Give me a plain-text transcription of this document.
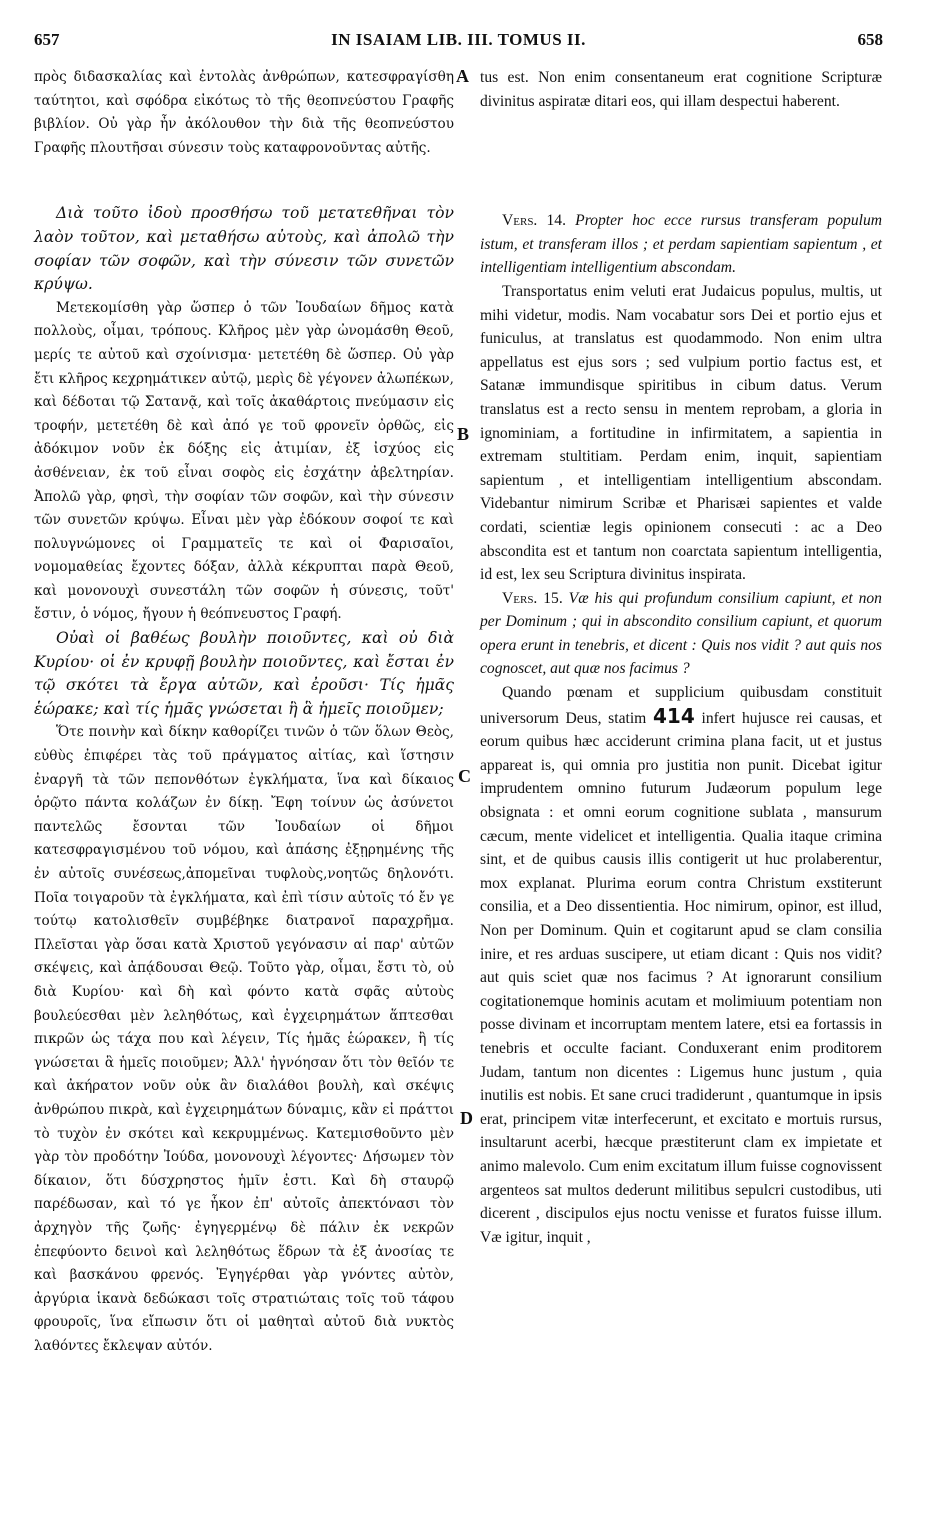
657	IN ISAIAM LIB. III. TOMUS II.	658
A
B
C
D

πρὸς διδασκαλίας καὶ ἐντολὰς ἀνθρώπων, κατεσφραγίσθη ταύτητοι, καὶ σφόδρα εἰκότως τὸ τῆς θεοπνεύστου Γραφῆς βιβλίον. Οὐ γὰρ ἦν ἀκόλουθον τὴν διὰ τῆς θεοπνεύστου Γραφῆς πλουτῆσαι σύνεσιν τοὺς καταφρονοῦντας αὐτῆς.

Διὰ τοῦτο ἰδοὺ προσθήσω τοῦ μετατεθῆναι τὸν λαὸν τοῦτον, καὶ μεταθήσω αὐτοὺς, καὶ ἀπολῶ τὴν σοφίαν τῶν σοφῶν, καὶ τὴν σύνεσιν τῶν συνετῶν κρύψω.

Μετεκομίσθη γὰρ ὥσπερ ὁ τῶν Ἰουδαίων δῆμος κατὰ πολλοὺς, οἶμαι, τρόπους. Κλῆρος μὲν γὰρ ὠνομάσθη Θεοῦ, μερίς τε αὐτοῦ καὶ σχοίνισμα· μετετέθη δὲ ὥσπερ. Οὐ γὰρ ἔτι κλῆρος κεχρημάτικεν αὐτῷ, μερὶς δὲ γέγονεν ἀλωπέκων, καὶ δέδοται τῷ Σατανᾷ, καὶ τοῖς ἀκαθάρτοις πνεύμασιν εἰς τροφήν, μετετέθη δὲ καὶ ἀπό γε τοῦ φρονεῖν ὀρθῶς, εἰς ἀδόκιμον νοῦν ἐκ δόξης εἰς ἀτιμίαν, ἐξ ἰσχύος εἰς ἀσθένειαν, ἐκ τοῦ εἶναι σοφὸς εἰς ἐσχάτην ἀβελτηρίαν. Ἀπολῶ γὰρ, φησὶ, τὴν σοφίαν τῶν σοφῶν, καὶ τὴν σύνεσιν τῶν συνετῶν κρύψω. Εἶναι μὲν γὰρ ἐδόκουν σοφοί τε καὶ πολυγνώμονες οἱ Γραμματεῖς τε καὶ οἱ Φαρισαῖοι, νομομαθείας ἔχοντες δόξαν, ἀλλὰ κέκρυπται παρὰ Θεοῦ, καὶ μονονουχὶ συνεστάλη τῶν σοφῶν ἡ σύνεσις, τοῦτ' ἔστιν, ὁ νόμος, ἤγουν ἡ θεόπνευστος Γραφή.

Οὐαὶ οἱ βαθέως βουλὴν ποιοῦντες, καὶ οὐ διὰ Κυρίου· οἱ ἐν κρυφῇ βουλὴν ποιοῦντες, καὶ ἔσται ἐν τῷ σκότει τὰ ἔργα αὐτῶν, καὶ ἐροῦσι· Τίς ἡμᾶς ἑώρακε; καὶ τίς ἡμᾶς γνώσεται ἢ ἃ ἡμεῖς ποιοῦμεν;

Ὅτε ποινὴν καὶ δίκην καθορίζει τινῶν ὁ τῶν ὅλων Θεὸς, εὐθὺς ἐπιφέρει τὰς τοῦ πράγματος αἰτίας, καὶ ἵστησιν ἐναργῆ τὰ τῶν πεπονθότων ἐγκλήματα, ἵνα καὶ δίκαιος ὁρῷτο πάντα κολάζων ἐν δίκῃ. Ἔφη τοίνυν ὡς ἀσύνετοι παντελῶς ἔσονται τῶν Ἰουδαίων οἱ δῆμοι κατεσφραγισμένου τοῦ νόμου, καὶ ἁπάσης ἐξῃρημένης τῆς ἐν αὐτοῖς συνέσεως,ἀπομεῖναι τυφλοὺς,νοητῶς δηλονότι. Ποῖα τοιγαροῦν τὰ ἐγκλήματα, καὶ ἐπὶ τίσιν αὐτοῖς τό ἔν γε τούτῳ κατολισθεῖν συμβέβηκε διατρανοῖ παραχρῆμα. Πλεῖσται γὰρ ὅσαι κατὰ Χριστοῦ γεγόνασιν αἱ παρ' αὐτῶν σκέψεις, καὶ ἀπᾴδουσαι Θεῷ. Τοῦτο γὰρ, οἶμαι, ἔστι τὸ, οὐ διὰ Κυρίου· καὶ δὴ καὶ φόντο κατὰ σφᾶς αὐτοὺς βουλεύεσθαι μὲν λεληθότως, καὶ ἐγχειρημάτων ἅπτεσθαι πικρῶν ὡς τάχα που καὶ λέγειν, Τίς ἡμᾶς ἑώρακεν, ἢ τίς γνώσεται ἃ ἡμεῖς ποιοῦμεν; Ἀλλ' ἠγνόησαν ὅτι τὸν θεῖόν τε καὶ ἀκήρατον νοῦν οὐκ ἂν διαλάθοι βουλὴ, καὶ σκέψις ἀνθρώπου πικρὰ, καὶ ἐγχειρημάτων δύναμις, κἂν εἰ πράττοι τὸ τυχὸν ἐν σκότει καὶ κεκρυμμένως. Κατεμισθοῦντο μὲν γὰρ τὸν προδότην Ἰούδα, μονονουχὶ λέγοντες· Δήσωμεν τὸν δίκαιον, ὅτι δύσχρηστος ἡμῖν ἐστι. Καὶ δὴ σταυρῷ παρέδωσαν, καὶ τό γε ἧκον ἐπ' αὐτοῖς ἀπεκτόνασι τὸν ἀρχηγὸν τῆς ζωῆς· ἐγηγερμένῳ δὲ πάλιν ἐκ νεκρῶν ἐπεφύοντο δεινοὶ καὶ λεληθότως ἕδρων τὰ ἐξ ἀνοσίας τε καὶ βασκάνου φρενός. Ἐγηγέρθαι γὰρ γνόντες αὐτὸν, ἀργύρια ἱκανὰ δεδώκασι τοῖς στρατιώταις τοῖς τοῦ τάφου φρουροῖς, ἵνα εἴπωσιν ὅτι οἱ μαθηταὶ αὐτοῦ διὰ νυκτὸς λαθόντες ἔκλεψαν αὐτόν.

tus est. Non enim consentaneum erat cognitione Scripturæ divinitus aspiratæ ditari eos, qui illam despectui haberent.

Vers. 14. Propter hoc ecce rursus transferam populum istum, et transferam illos ; et perdam sapientiam sapientum , et intelligentiam intelligentium abscondam.

Transportatus enim veluti erat Judaicus populus, multis, ut mihi videtur, modis. Nam vocabatur sors Dei et portio ejus et funiculus, at translatus est quodammodo. Non enim ultra appellatus est ejus sors ; sed vulpium portio factus est, et Satanæ immundisque spiritibus in cibum datus. Verum translatus est a recto sensu in mentem reprobam, a gloria in ignominiam, a fortitudine in infirmitatem, a sapientia in extremam stultitiam. Perdam enim, inquit, sapientiam sapientum , et intelligentiam intelligentium abscondam. Videbantur nimirum Scribæ et Pharisæi sapientes et valde cordati, scientiæ legis opinionem consecuti : ac a Deo abscondita est et tantum non coarctata sapientum intelligentia, id est, lex seu Scriptura divinitus inspirata.

Vers. 15. Væ his qui profundum consilium capiunt, et non per Dominum ; qui in abscondito consilium capiunt, et quorum opera erunt in tenebris, et dicent : Quis nos vidit ? aut quis nos cognoscet, aut quæ nos facimus ?

Quando pœnam et supplicium quibusdam constituit universorum Deus, statim 414 infert hujusce rei causas, et eorum quibus hæc acciderunt crimina plana facit, ut et justus appareat is, qui omnia pro justitia non punit. Dicebat igitur imprudentem omnino futurum Judæorum populum lege obsignata : et omni eorum cognitione sublata , mansurum cæcum, mente videlicet et intelligentia. Qualia itaque crimina sint, et de quibus causis illis contigerit ut huc prolaberentur, mox explanat. Plurima eorum contra Christum exstiterunt consilia, et a Deo dissentientia. Hoc nimirum, opinor, est illud, Non per Dominum. Quin et cogitarunt apud se clam consilia inire, et res arduas suscipere, ut etiam dicant : Quis nos vidit? aut quis sciet quæ nos facimus ? At ignorarunt consilium cogitationemque hominis acutam et molimiuum potentiam non posse divinam et incorruptam mentem latere, etsi ea fortassis in tenebris et occulte faciant. Conduxerant enim proditorem Judam, tantum non dicentes : Ligemus hunc justum , quia inutilis est nobis. Et sane cruci tradiderunt , quantumque in ipsis erat, principem vitæ interfecerunt, et excitato e mortuis rursus, insultarunt acerbi, hæcque præstiterunt clam ex impietate et animo malevolo. Cum enim excitatum illum fuisse cognovissent argenteos sat multos dederunt militibus sepulcri custodibus, uti dicerent , discipulos ejus noctu venisse et furatos fuisse illum. Væ igitur, inquit ,
